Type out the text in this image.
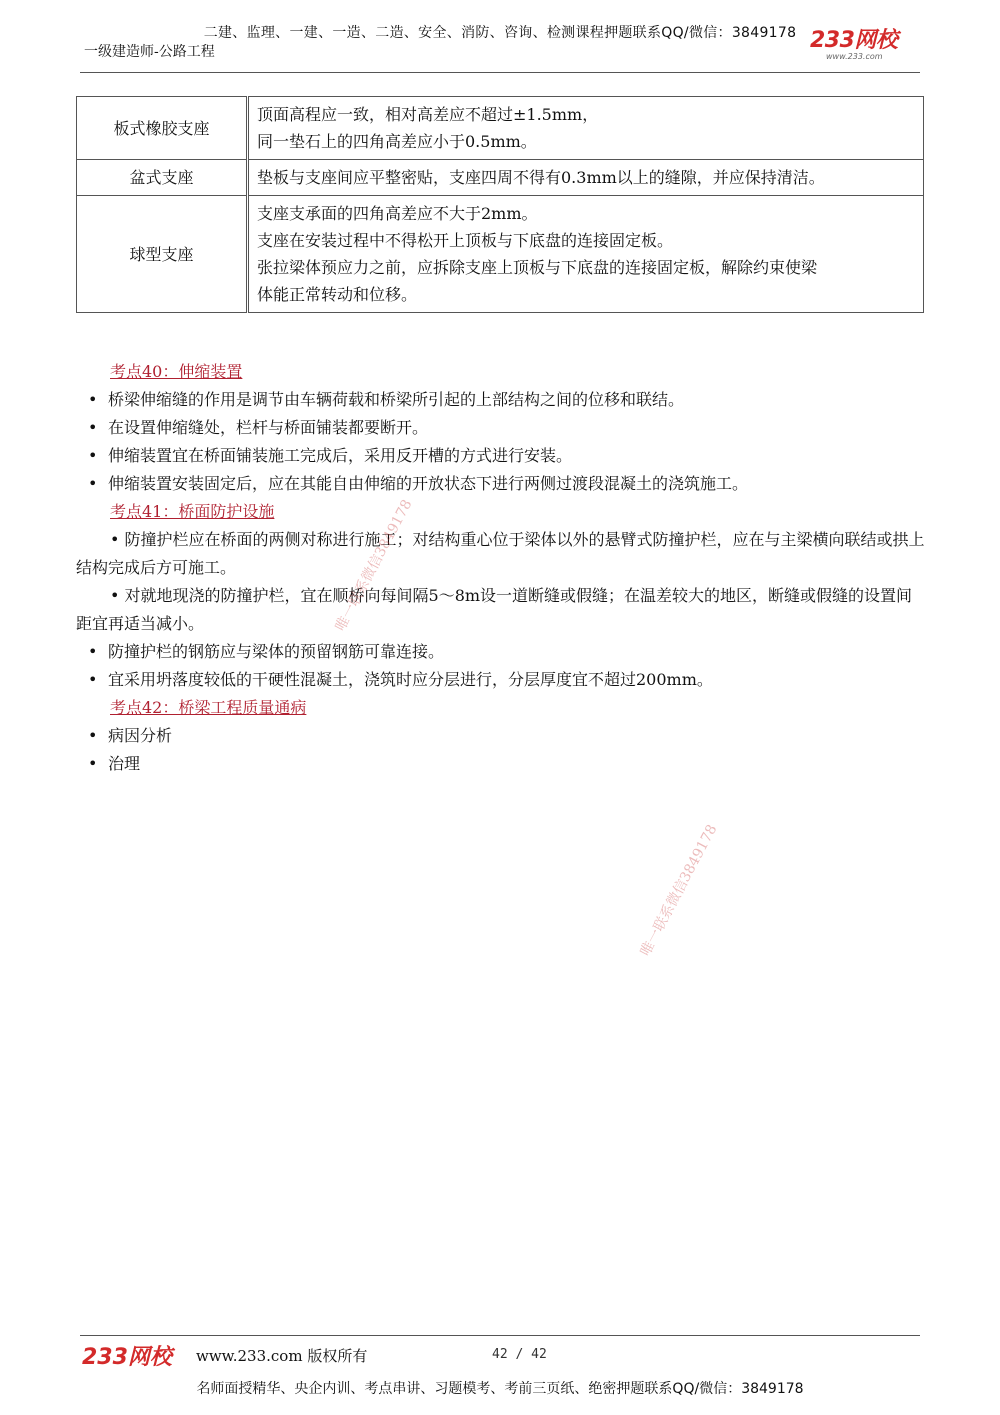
二建、监理、一建、一造、二造、安全、消防、咨询、检测课程押题联系QQ/微信：3849178
一级建造师-公路工程	233网校
www.233.com
板式橡胶支座	顶面高程应一致，相对高差应不超过±1.5mm，
同一垫石上的四角高差应小于0.5mm。

盆式支座	垫板与支座间应平整密贴，支座四周不得有0.3mm以上的缝隙，并应保持清洁。

球型支座	支座支承面的四角高差应不大于2mm。
支座在安装过程中不得松开上顶板与下底盘的连接固定板。
张拉梁体预应力之前，应拆除支座上顶板与下底盘的连接固定板，解除约束使梁
体能正常转动和位移。
考点40：伸缩装置
• 桥梁伸缩缝的作用是调节由车辆荷载和桥梁所引起的上部结构之间的位移和联结。
• 在设置伸缩缝处，栏杆与桥面铺装都要断开。
• 伸缩装置宜在桥面铺装施工完成后，采用反开槽的方式进行安装。
• 伸缩装置安装固定后，应在其能自由伸缩的开放状态下进行两侧过渡段混凝土的浇筑施工。
考点41：桥面防护设施
• 防撞护栏应在桥面的两侧对称进行施工；对结构重心位于梁体以外的悬臂式防撞护栏，应在与主梁横向联结或拱上结构完成后方可施工。
• 对就地现浇的防撞护栏，宜在顺桥向每间隔5～8m设一道断缝或假缝；在温差较大的地区，断缝或假缝的设置间距宜再适当减小。
• 防撞护栏的钢筋应与梁体的预留钢筋可靠连接。
• 宜采用坍落度较低的干硬性混凝土，浇筑时应分层进行，分层厚度宜不超过200mm。
考点42：桥梁工程质量通病
• 病因分析
• 治理
唯一联系微信3849178
唯一联系微信3849178
233网校 www.233.com 版权所有	42 / 42
名师面授精华、央企内训、考点串讲、习题模考、考前三页纸、绝密押题联系QQ/微信：3849178
